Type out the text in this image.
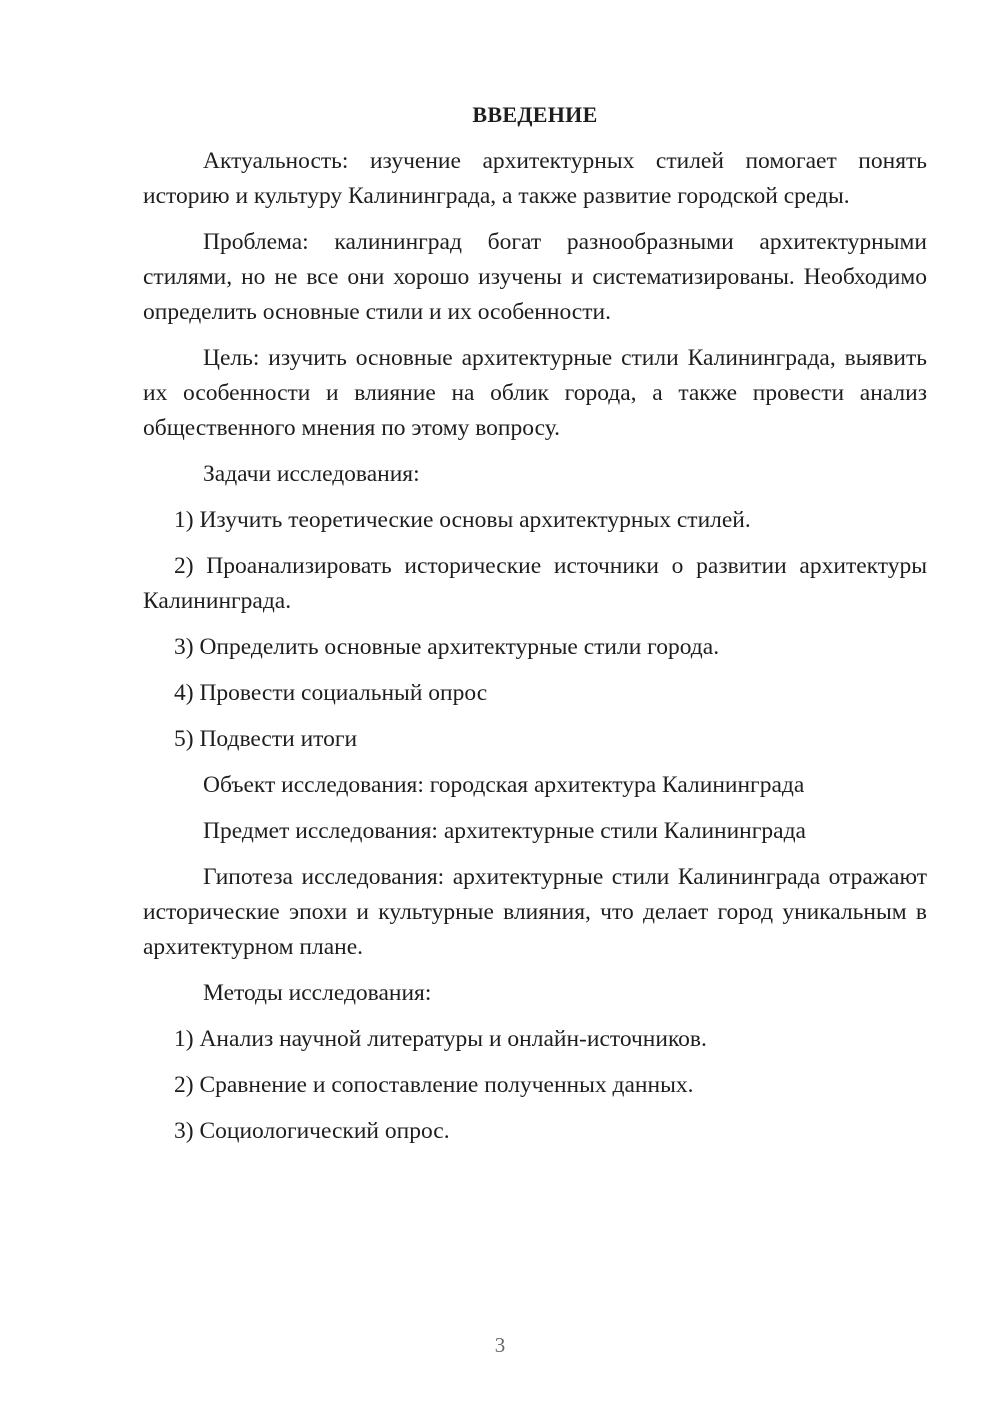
ВВЕДЕНИЕ

Актуальность: изучение архитектурных стилей помогает понять историю и культуру Калининграда, а также развитие городской среды.

Проблема: калининград богат разнообразными архитектурными стилями, но не все они хорошо изучены и систематизированы. Необходимо определить основные стили и их особенности.

Цель: изучить основные архитектурные стили Калининграда, выявить их особенности и влияние на облик города, а также провести анализ общественного мнения по этому вопросу.

Задачи исследования:

1) Изучить теоретические основы архитектурных стилей.

2) Проанализировать исторические источники о развитии архитектуры Калининграда.

3) Определить основные архитектурные стили города.

4) Провести социальный опрос

5) Подвести итоги

Объект исследования: городская архитектура Калининграда

Предмет исследования: архитектурные стили Калининграда

Гипотеза исследования: архитектурные стили Калининграда отражают исторические эпохи и культурные влияния, что делает город уникальным в архитектурном плане.

Методы исследования:

1) Анализ научной литературы и онлайн-источников.

2) Сравнение и сопоставление полученных данных.

3) Социологический опрос.

3
